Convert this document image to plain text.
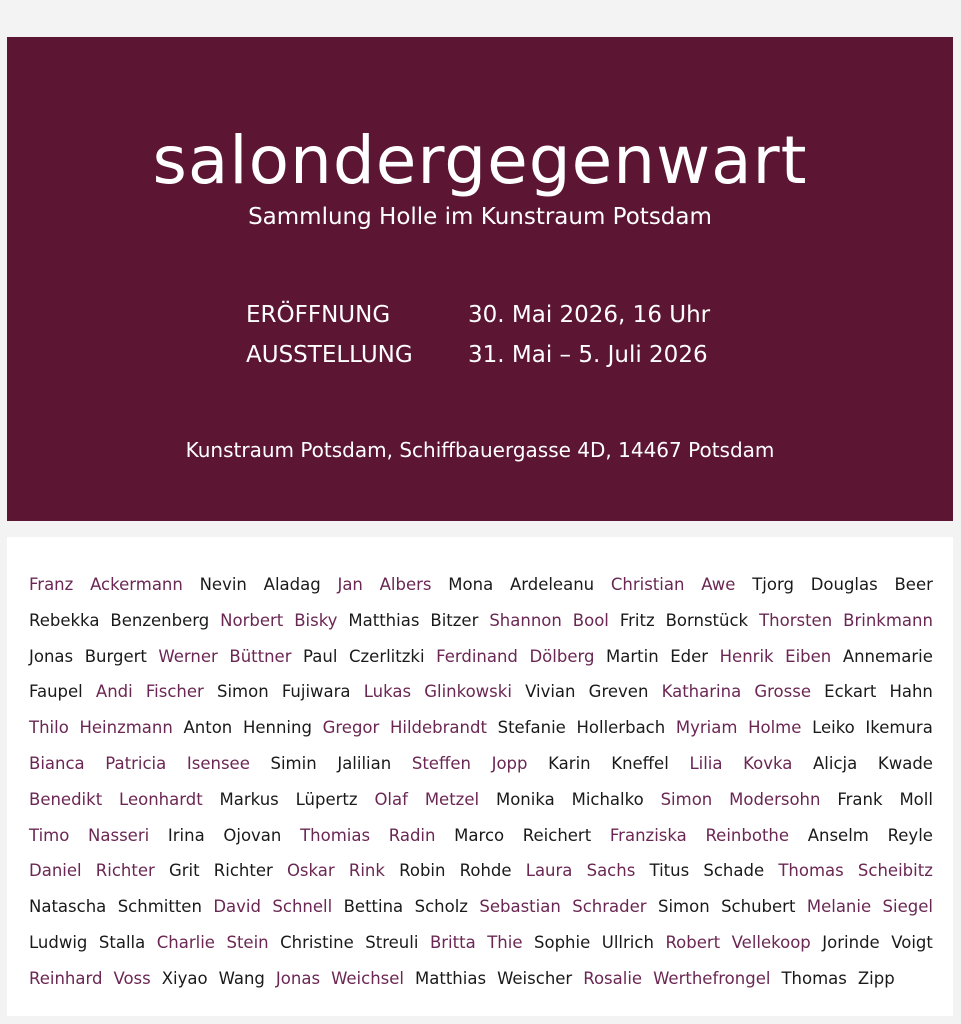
salondergegenwart
Sammlung Holle im Kunstraum Potsdam
ERÖFFNUNG	30. Mai 2026, 16 Uhr
AUSSTELLUNG	31. Mai – 5. Juli 2026
Kunstraum Potsdam, Schiffbauergasse 4D, 14467 Potsdam
Franz Ackermann Nevin Aladag Jan Albers Mona Ardeleanu Christian Awe Tjorg Douglas Beer
Rebekka Benzenberg Norbert Bisky Matthias Bitzer Shannon Bool Fritz Bornstück Thorsten Brinkmann
Jonas Burgert Werner Büttner Paul Czerlitzki Ferdinand Dölberg Martin Eder Henrik Eiben Annemarie
Faupel Andi Fischer Simon Fujiwara Lukas Glinkowski Vivian Greven Katharina Grosse Eckart Hahn
Thilo Heinzmann Anton Henning Gregor Hildebrandt Stefanie Hollerbach Myriam Holme Leiko Ikemura
Bianca Patricia Isensee Simin Jalilian Steffen Jopp Karin Kneffel Lilia Kovka Alicja Kwade
Benedikt Leonhardt Markus Lüpertz Olaf Metzel Monika Michalko Simon Modersohn Frank Moll
Timo Nasseri Irina Ojovan Thomias Radin Marco Reichert Franziska Reinbothe Anselm Reyle
Daniel Richter Grit Richter Oskar Rink Robin Rohde Laura Sachs Titus Schade Thomas Scheibitz
Natascha Schmitten David Schnell Bettina Scholz Sebastian Schrader Simon Schubert Melanie Siegel
Ludwig Stalla Charlie Stein Christine Streuli Britta Thie Sophie Ullrich Robert Vellekoop Jorinde Voigt
Reinhard Voss Xiyao Wang Jonas Weichsel Matthias Weischer Rosalie Werthefrongel Thomas Zipp
